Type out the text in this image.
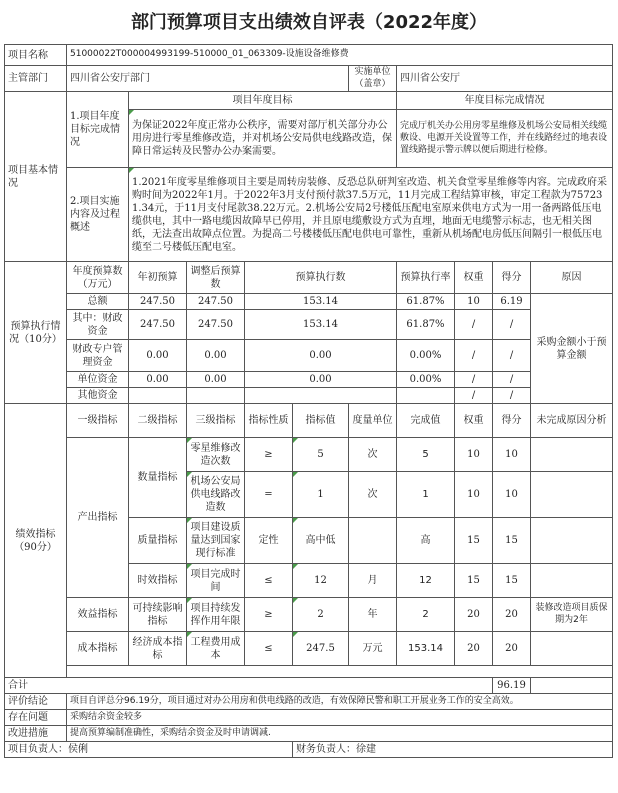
部门预算项目支出绩效自评表（2022年度）
项目名称	51000022T000004993199-510000_01_063309-设施设备维修费									
主管部门	四川省公安厅部门					实施单位（盖章）	四川省公安厅			
项目基本情况	1.项目年度目标完成情况	项目年度目标					年度目标完成情况			
		为保证2022年度正常办公秩序，需要对部厅机关部分办公用房进行零星维修改造，并对机场公安局供电线路改造，保障日常运转及民警办公办案需要。					完成厅机关办公用房零星维修及机场公安局相关线缆敷设、电源开关设置等工作，并在线路经过的地表设置线路提示警示牌以便后期进行检修。			
	2.项目实施内容及过程概述	1.2021年度零星维修项目主要是周转房装修、反恐总队研判室改造、机关食堂零星维修等内容。完成政府采购时间为2022年1月。于2022年3月支付预付款37.5万元，11月完成工程结算审核，审定工程款为757231.34元，于11月支付尾款38.22万元。2.机场公安局2号楼低压配电室原来供电方式为一用一备两路低压电缆供电，其中一路电缆因故障早已停用，并且原电缆敷设方式为直埋，地面无电缆警示标志，也无相关图纸，无法查出故障点位置。为提高二号楼楼低压配电供电可靠性，重新从机场配电房低压间隔引一根低压电缆至二号楼低压配电室。								
预算执行情况（10分）	年度预算数（万元）	年初预算	调整后预算数	预算执行数			预算执行率	权重	得分	原因
	总额	247.50	247.50	153.14			61.87%	10	6.19	采购金额小于预算金额
	其中：财政资金	247.50	247.50	153.14			61.87%	/	/	
	财政专户管理资金	0.00	0.00	0.00			0.00%	/	/	
	单位资金	0.00	0.00	0.00			0.00%	/	/	
	其他资金							/	/	
绩效指标（90分）	一级指标	二级指标	三级指标	指标性质	指标值	度量单位	完成值	权重	得分	未完成原因分析
	产出指标	数量指标	零星维修改造次数	≥	5	次	5	10	10	
			机场公安局供电线路改造数	=	1	次	1	10	10	
		质量指标	项目建设质量达到国家现行标准	定性	高中低		高	15	15	
		时效指标	项目完成时间	≤	12	月	12	15	15	
	效益指标	可持续影响指标	项目持续发挥作用年限	≥	2	年	2	20	20	装修改造项目质保期为2年
	成本指标	经济成本指标	工程费用成本	≤	247.5	万元	153.14	20	20	

合计									96.19	
评价结论	项目自评总分96.19分，项目通过对办公用房和供电线路的改造，有效保障民警和职工开展业务工作的安全高效。									
存在问题	采购结余资金较多									
改进措施	提高预算编制准确性，采购结余资金及时申请调减.									
项目负责人：侯俐					财务负责人：徐建					
